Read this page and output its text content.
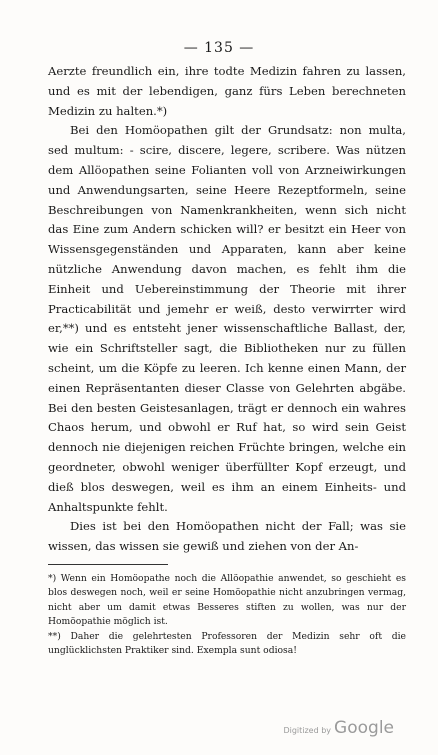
— 135 —

Aerzte freundlich ein, ihre todte Medizin fahren zu lassen, und es mit der lebendigen, ganz fürs Leben berechneten Medizin zu halten.*)

Bei den Homöopathen gilt der Grundsatz: non multa, sed multum: - scire, discere, legere, scribere. Was nützen dem Allöopathen seine Folianten voll von Arzneiwirkungen und Anwendungsarten, seine Heere Rezeptformeln, seine Beschreibungen von Namenkrankheiten, wenn sich nicht das Eine zum Andern schicken will? er besitzt ein Heer von Wissensgegenständen und Apparaten, kann aber keine nützliche Anwendung davon machen, es fehlt ihm die Einheit und Uebereinstimmung der Theorie mit ihrer Practicabilität und jemehr er weiß, desto verwirrter wird er,**) und es entsteht jener wissenschaftliche Ballast, der, wie ein Schriftsteller sagt, die Bibliotheken nur zu füllen scheint, um die Köpfe zu leeren. Ich kenne einen Mann, der einen Repräsentanten dieser Classe von Gelehrten abgäbe. Bei den besten Geistesanlagen, trägt er dennoch ein wahres Chaos herum, und obwohl er Ruf hat, so wird sein Geist dennoch nie diejenigen reichen Früchte bringen, welche ein geordneter, obwohl weniger überfüllter Kopf erzeugt, und dieß blos deswegen, weil es ihm an einem Einheits- und Anhaltspunkte fehlt.

Dies ist bei den Homöopathen nicht der Fall; was sie wissen, das wissen sie gewiß und ziehen von der An-

*) Wenn ein Homöopathe noch die Allöopathie anwendet, so geschieht es blos deswegen noch, weil er seine Homöopathie nicht anzubringen vermag, nicht aber um damit etwas Besseres stiften zu wollen, was nur der Homöopathie möglich ist.

**) Daher die gelehrtesten Professoren der Medizin sehr oft die unglücklichsten Praktiker sind. Exempla sunt odiosa!

Digitized by Google
